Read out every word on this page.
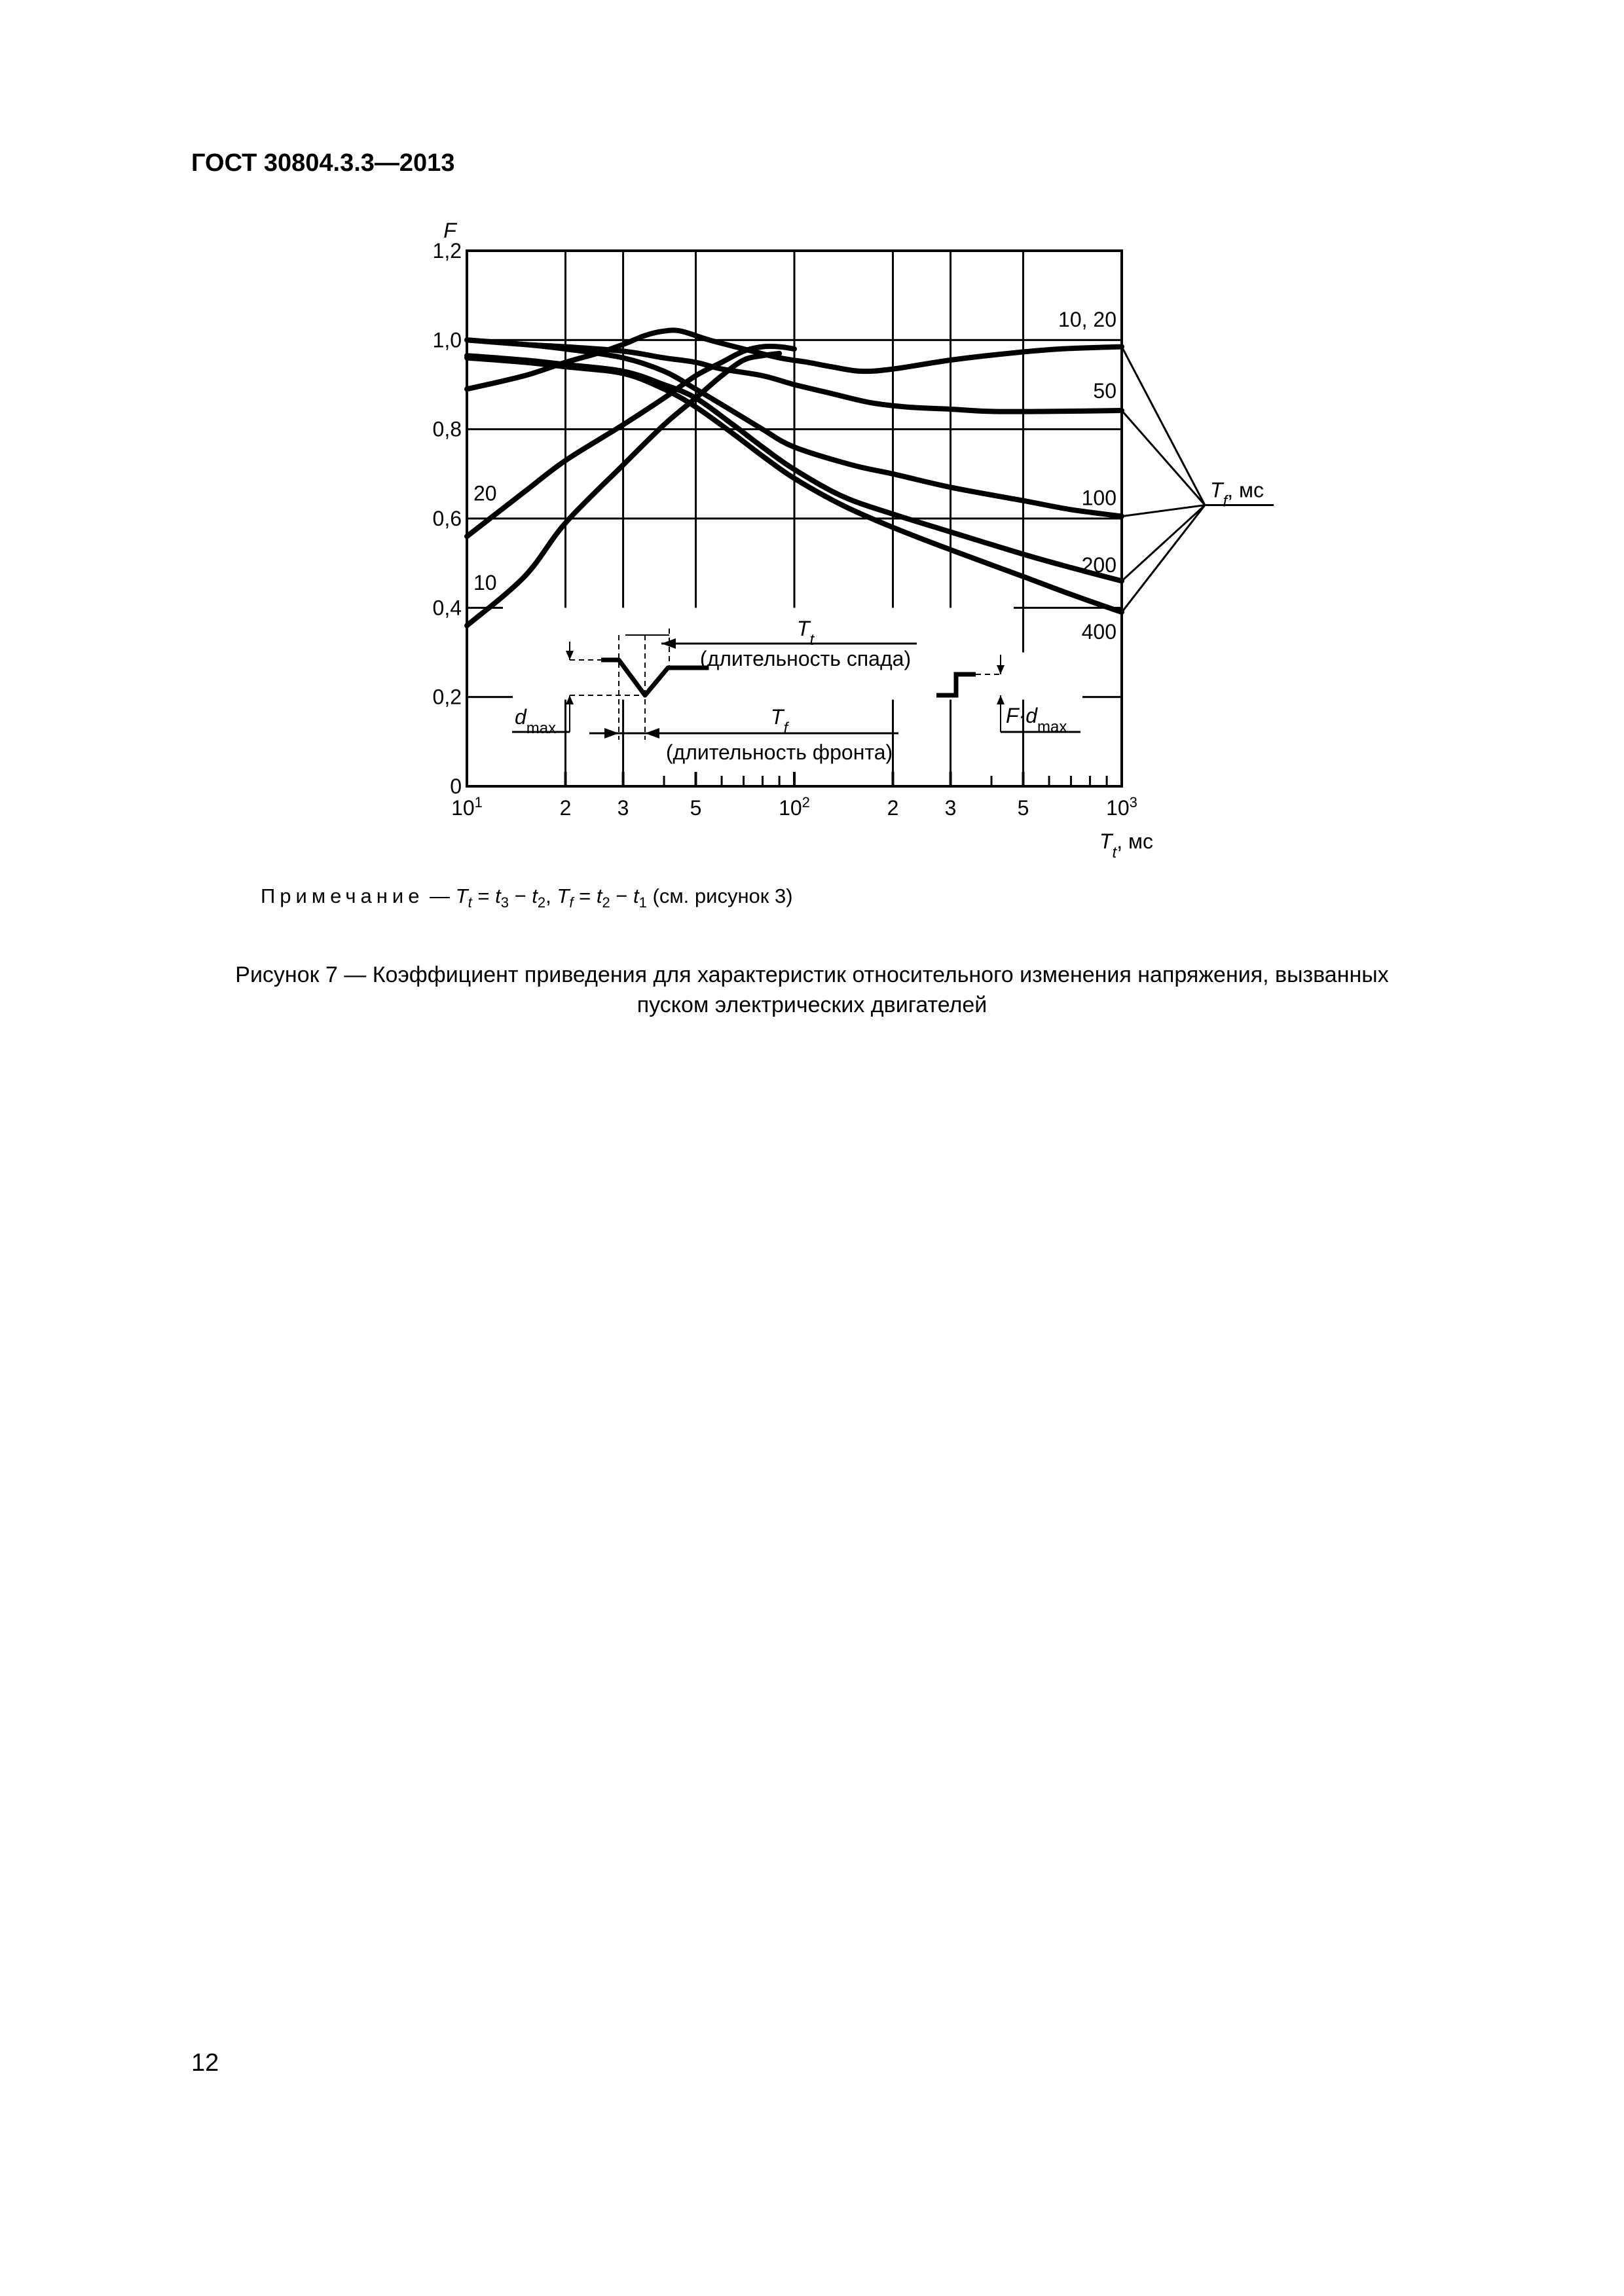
ГОСТ 30804.3.3—2013
$T_t$
(длительность спада)
$d_{max}$	$T_f$
(длительность фронта)
$F\cdot d_{max}$
$10^1$	2 3	5	$10^2$	2 3	5	$10^3$
0
0,2
0,4
0,6
0,8
1,0
1,2
F
$T_t$, мс
10, 20
50
100
200
400
20
10
$T_f$, мс
Примечание — $T_t = t_3 - t_2$, $T_f = t_2 - t_1$ (см. рисунок 3)
Рисунок 7 — Коэффициент приведения для характеристик относительного изменения напряжения, вызванных
пуском электрических двигателей
12
